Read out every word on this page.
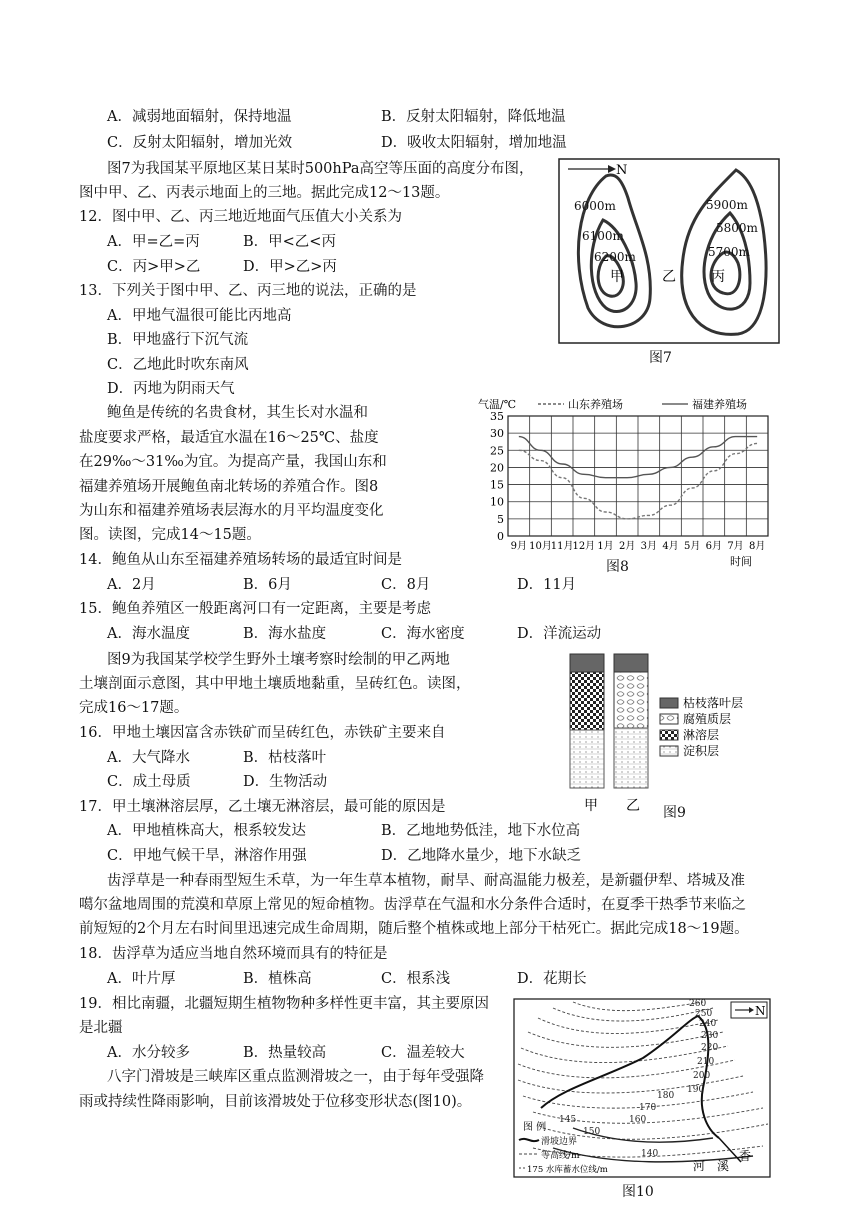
A．减弱地面辐射，保持地温	B．反射太阳辐射，降低地温
C．反射太阳辐射，增加光效	D．吸收太阳辐射，增加地温
图7为我国某平原地区某日某时500hPa高空等压面的高度分布图，
图中甲、乙、丙表示地面上的三地。据此完成12～13题。
12．图中甲、乙、丙三地近地面气压值大小关系为
A．甲=乙=丙	B．甲<乙<丙
C．丙>甲>乙	D．甲>乙>丙
13．下列关于图中甲、乙、丙三地的说法，正确的是
A．甲地气温很可能比丙地高
B．甲地盛行下沉气流
C．乙地此时吹东南风
D．丙地为阴雨天气
N
6000m
6100m
6200m
5900m
5800m
5700m
甲	乙	丙
图7
鲍鱼是传统的名贵食材，其生长对水温和
盐度要求严格，最适宜水温在16～25℃、盐度
在29‰～31‰为宜。为提高产量，我国山东和
福建养殖场开展鲍鱼南北转场的养殖合作。图8
为山东和福建养殖场表层海水的月平均温度变化
图。读图，完成14～15题。
14．鲍鱼从山东至福建养殖场转场的最适宜时间是
A．2月	B．6月	C．8月	D．11月
15．鲍鱼养殖区一般距离河口有一定距离，主要是考虑
A．海水温度	B．海水盐度	C．海水密度	D．洋流运动
气温/℃	山东养殖场	福建养殖场
0
5
10
15
20
25
30
35
9月 10月
11月
12月 1月 2月 3月 4月 5月 6月 7月 8月
时间
图8
图9为我国某学校学生野外土壤考察时绘制的甲乙两地
土壤剖面示意图，其中甲地土壤质地黏重，呈砖红色。读图，
完成16～17题。
16．甲地土壤因富含赤铁矿而呈砖红色，赤铁矿主要来自
A．大气降水	B．枯枝落叶
C．成土母质	D．生物活动
17．甲土壤淋溶层厚，乙土壤无淋溶层，最可能的原因是
A．甲地植株高大，根系较发达	B．乙地地势低洼，地下水位高
C．甲地气候干旱，淋溶作用强	D．乙地降水量少，地下水缺乏
甲 乙
枯枝落叶层
腐殖质层
淋溶层
淀积层
图9
齿浮草是一种春雨型短生禾草，为一年生草本植物，耐旱、耐高温能力极差，是新疆伊犁、塔城及准
噶尔盆地周围的荒漠和草原上常见的短命植物。齿浮草在气温和水分条件合适时，在夏季干热季节来临之
前短短的2个月左右时间里迅速完成生命周期，随后整个植株或地上部分干枯死亡。据此完成18～19题。
18．齿浮草为适应当地自然环境而具有的特征是
A．叶片厚	B．植株高	C．根系浅	D．花期长
19．相比南疆，北疆短期生植物物种多样性更丰富，其主要原因
是北疆
A．水分较多	B．热量较高	C．温差较大
八字门滑坡是三峡库区重点监测滑坡之一，由于每年受强降
雨或持续性降雨影响，目前该滑坡处于位移变形状态(图10)。
N
260
250
240
230
220
210
200
190
180
170
160
150
145
140
图 例
滑坡边界
等高线/m
175 水库蓄水位线/m	河　溪
香
图10
